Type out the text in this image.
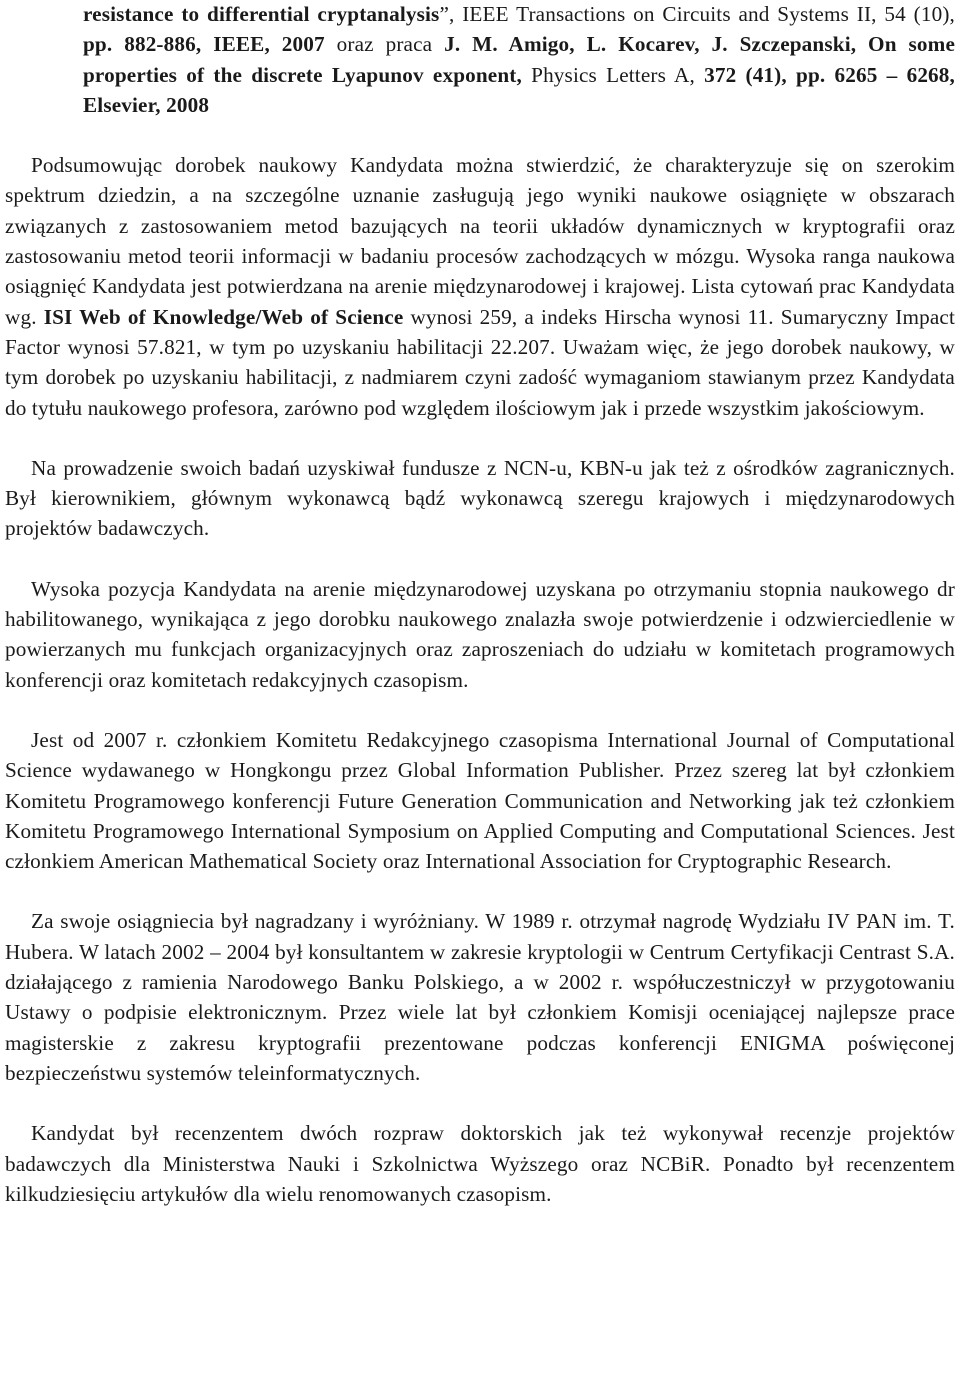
resistance to differential cryptanalysis”, IEEE Transactions on Circuits and Systems II, 54 (10), pp. 882-886, IEEE, 2007 oraz praca J. M. Amigo, L. Kocarev, J. Szczepanski, On some properties of the discrete Lyapunov exponent, Physics Letters A, 372 (41), pp. 6265 – 6268, Elsevier, 2008

Podsumowując dorobek naukowy Kandydata można stwierdzić, że charakteryzuje się on szerokim spektrum dziedzin, a na szczególne uznanie zasługują jego wyniki naukowe osiągnięte w obszarach związanych z zastosowaniem metod bazujących na teorii układów dynamicznych w kryptografii oraz zastosowaniu metod teorii informacji w badaniu procesów zachodzących w mózgu. Wysoka ranga naukowa osiągnięć Kandydata jest potwierdzana na arenie międzynarodowej i krajowej. Lista cytowań prac Kandydata wg. ISI Web of Knowledge/Web of Science wynosi 259, a indeks Hirscha wynosi 11. Sumaryczny Impact Factor wynosi 57.821, w tym po uzyskaniu habilitacji 22.207. Uważam więc, że jego dorobek naukowy, w tym dorobek po uzyskaniu habilitacji, z nadmiarem czyni zadość wymaganiom stawianym przez Kandydata do tytułu naukowego profesora, zarówno pod względem ilościowym jak i przede wszystkim jakościowym.

Na prowadzenie swoich badań uzyskiwał fundusze z NCN-u, KBN-u jak też z ośrodków zagranicznych. Był kierownikiem, głównym wykonawcą bądź wykonawcą szeregu krajowych i międzynarodowych projektów badawczych.

Wysoka pozycja Kandydata na arenie międzynarodowej uzyskana po otrzymaniu stopnia naukowego dr habilitowanego, wynikająca z jego dorobku naukowego znalazła swoje potwierdzenie i odzwierciedlenie w powierzanych mu funkcjach organizacyjnych oraz zaproszeniach do udziału w komitetach programowych konferencji oraz komitetach redakcyjnych czasopism.

Jest od 2007 r. członkiem Komitetu Redakcyjnego czasopisma International Journal of Computational Science wydawanego w Hongkongu przez Global Information Publisher. Przez szereg lat był członkiem Komitetu Programowego konferencji Future Generation Communication and Networking jak też członkiem Komitetu Programowego International Symposium on Applied Computing and Computational Sciences. Jest członkiem American Mathematical Society oraz International Association for Cryptographic Research.

Za swoje osiągniecia był nagradzany i wyróżniany. W 1989 r. otrzymał nagrodę Wydziału IV PAN im. T. Hubera. W latach 2002 – 2004 był konsultantem w zakresie kryptologii w Centrum Certyfikacji Centrast S.A. działającego z ramienia Narodowego Banku Polskiego, a w 2002 r. współuczestniczył w przygotowaniu Ustawy o podpisie elektronicznym. Przez wiele lat był członkiem Komisji oceniającej najlepsze prace magisterskie z zakresu kryptografii prezentowane podczas konferencji ENIGMA poświęconej bezpieczeństwu systemów teleinformatycznych.

Kandydat był recenzentem dwóch rozpraw doktorskich jak też wykonywał recenzje projektów badawczych dla Ministerstwa Nauki i Szkolnictwa Wyższego oraz NCBiR. Ponadto był recenzentem kilkudziesięciu artykułów dla wielu renomowanych czasopism.
